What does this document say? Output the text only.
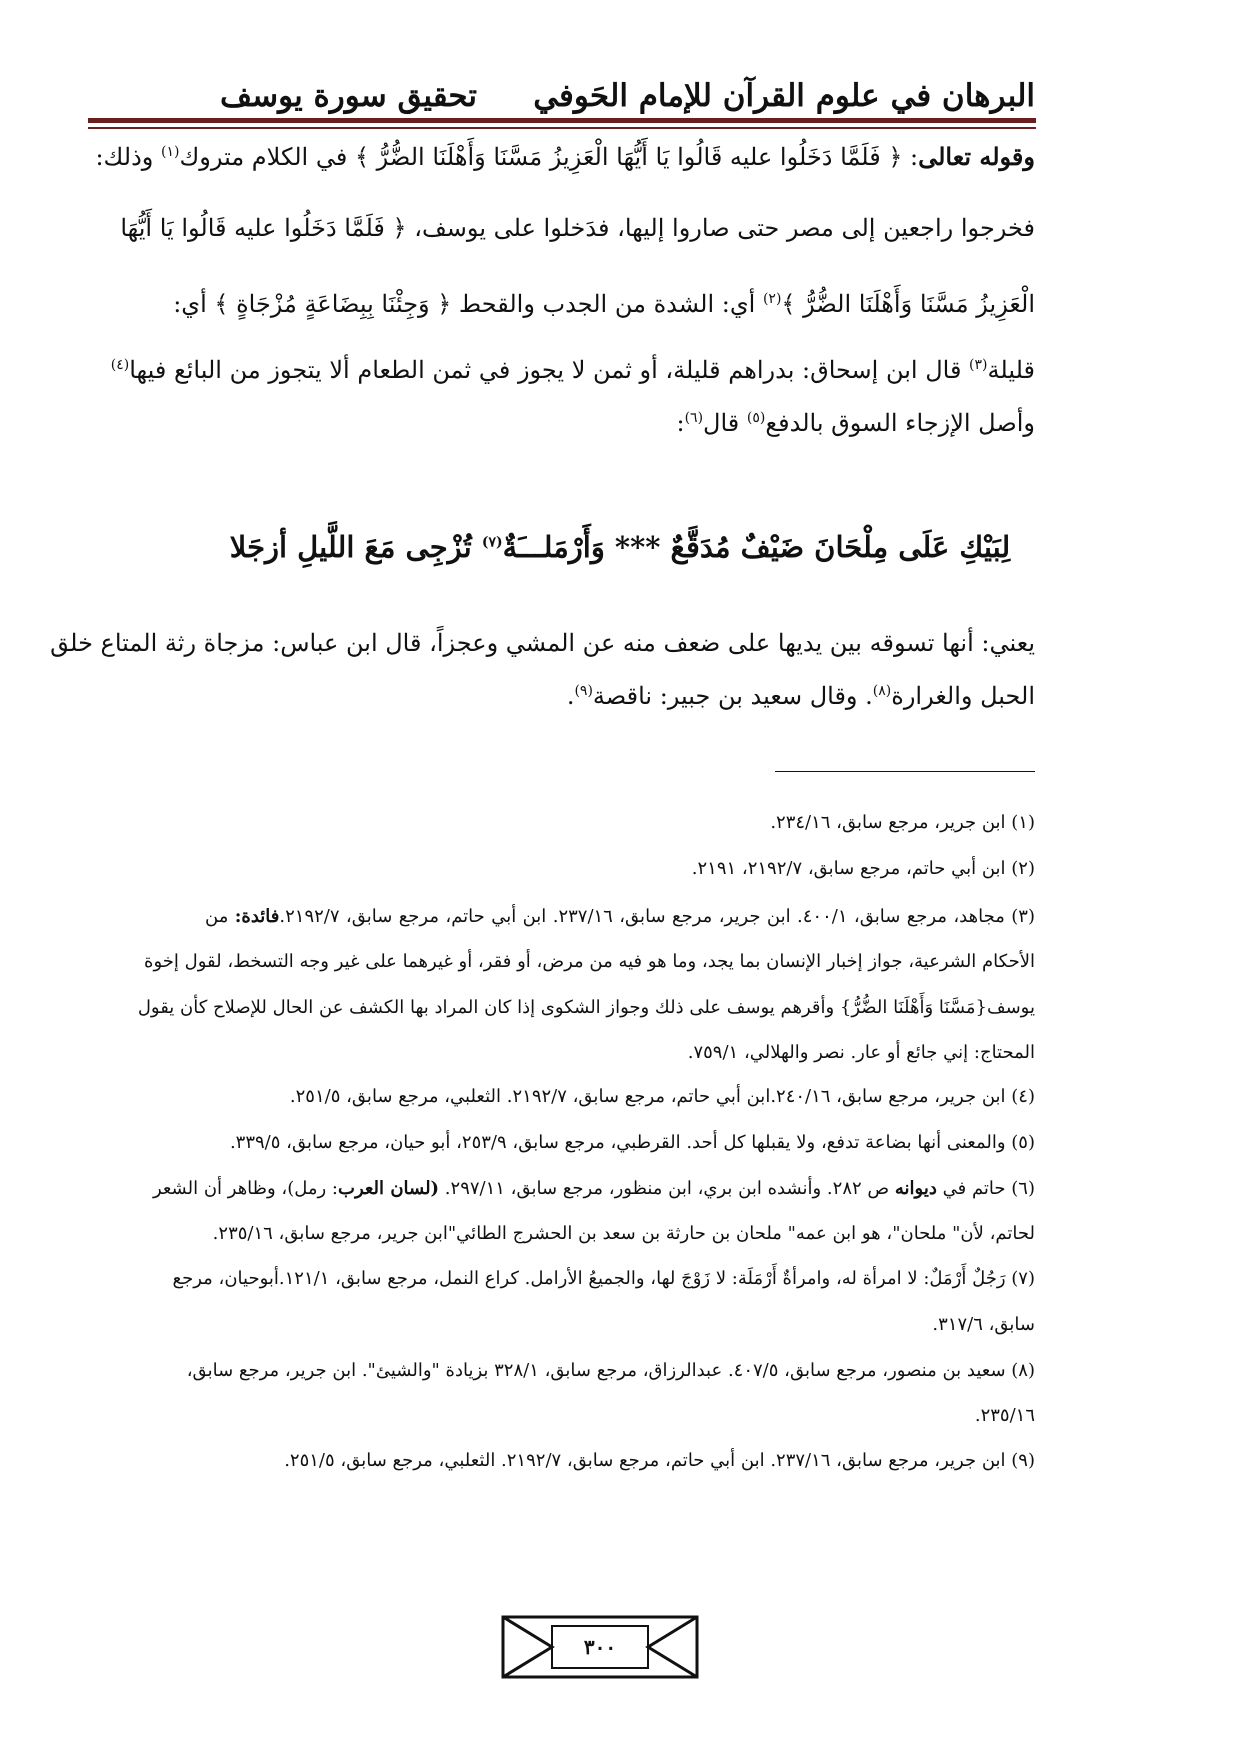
البرهان في علوم القرآن للإمام الحَوفي
تحقيق سورة يوسف
وقوله تعالى: ﴿ فَلَمَّا دَخَلُوا عليه قَالُوا يَا أَيُّهَا الْعَزِيزُ مَسَّنَا وَأَهْلَنَا الضُّرُّ ﴾ في الكلام متروك$^{(١)}$ وذلك:
فخرجوا راجعين إلى مصر حتى صاروا إليها، فدَخلوا على يوسف، ﴿ فَلَمَّا دَخَلُوا عليه قَالُوا يَا أَيُّهَا
الْعَزِيزُ مَسَّنَا وَأَهْلَنَا الضُّرُّ ﴾$^{(٢)}$ أي: الشدة من الجدب والقحط ﴿ وَجِئْنَا بِبِضَاعَةٍ مُزْجَاةٍ ﴾ أي:
قليلة$^{(٣)}$ قال ابن إسحاق: بدراهم قليلة، أو ثمن لا يجوز في ثمن الطعام ألا يتجوز من البائع فيها$^{(٤)}$
وأصل الإزجاء السوق بالدفع$^{(٥)}$ قال$^{(٦)}$:
لِبَيْكِ عَلَى مِلْحَانَ ضَيْفٌ مُدَقَّعٌ *** وَأَرْمَلـــَةٌ$^{(٧)}$ تُزْجِى مَعَ اللَّيلِ أزجَلا
يعني: أنها تسوقه بين يديها على ضعف منه عن المشي وعجزاً، قال ابن عباس: مزجاة رثة المتاع خلق
الحبل والغرارة$^{(٨)}$. وقال سعيد بن جبير: ناقصة$^{(٩)}$.
(١) ابن جرير، مرجع سابق، ٢٣٤/١٦.
(٢) ابن أبي حاتم، مرجع سابق، ٢١٩٢/٧، ٢١٩١.
(٣) مجاهد، مرجع سابق، ٤٠٠/١. ابن جرير، مرجع سابق، ٢٣٧/١٦. ابن أبي حاتم، مرجع سابق، ٢١٩٢/٧.فائدة: من
الأحكام الشرعية، جواز إخبار الإنسان بما يجد، وما هو فيه من مرض، أو فقر، أو غيرهما على غير وجه التسخط، لقول إخوة
يوسف{مَسَّنَا وَأَهْلَنَا الضُّرُّ} وأقرهم يوسف على ذلك وجواز الشكوى إذا كان المراد بها الكشف عن الحال للإصلاح كأن يقول
المحتاج: إني جائع أو عار. نصر والهلالي، ٧٥٩/١.
(٤) ابن جرير، مرجع سابق، ٢٤٠/١٦.ابن أبي حاتم، مرجع سابق، ٢١٩٢/٧. الثعلبي، مرجع سابق، ٢٥١/٥.
(٥) والمعنى أنها بضاعة تدفع، ولا يقبلها كل أحد. القرطبي، مرجع سابق، ٢٥٣/٩، أبو حيان، مرجع سابق، ٣٣٩/٥.
(٦) حاتم في ديوانه ص ٢٨٢. وأنشده ابن بري، ابن منظور، مرجع سابق، ٢٩٧/١١. (لسان العرب: رمل)، وظاهر أن الشعر
لحاتم، لأن" ملحان"، هو ابن عمه" ملحان بن حارثة بن سعد بن الحشرج الطائي"ابن جرير، مرجع سابق، ٢٣٥/١٦.
(٧) رَجُلٌ أَرْمَلٌ: لا امرأة له، وامرأةٌ أَرْمَلَة: لا زَوْجَ لها، والجميعُ الأرامل. كراع النمل، مرجع سابق، ١٢١/١.أبوحيان، مرجع
سابق، ٣١٧/٦.
(٨) سعيد بن منصور، مرجع سابق، ٤٠٧/٥. عبدالرزاق، مرجع سابق، ٣٢٨/١ بزيادة "والشيئ". ابن جرير، مرجع سابق،
٢٣٥/١٦.
(٩) ابن جرير، مرجع سابق، ٢٣٧/١٦. ابن أبي حاتم، مرجع سابق، ٢١٩٢/٧. الثعلبي، مرجع سابق، ٢٥١/٥.
٣٠٠
